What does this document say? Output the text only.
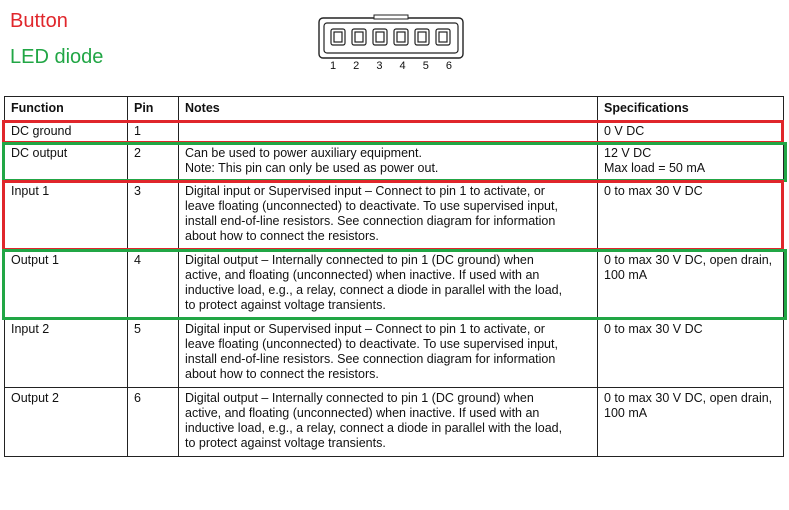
Button
LED diode	1 2 3 4 5 6
Function	Pin	Notes	Specifications
DC ground	1		0 V DC
DC output	2	Can be used to power auxiliary equipment.
Note: This pin can only be used as power out.	12 V DC
Max load = 50 mA
Input 1	3	Digital input or Supervised input – Connect to pin 1 to activate, or
leave floating (unconnected) to deactivate. To use supervised input,
install end-of-line resistors. See connection diagram for information
about how to connect the resistors.	0 to max 30 V DC
Output 1	4	Digital output – Internally connected to pin 1 (DC ground) when
active, and floating (unconnected) when inactive. If used with an
inductive load, e.g., a relay, connect a diode in parallel with the load,
to protect against voltage transients.	0 to max 30 V DC, open drain,
100 mA
Input 2	5	Digital input or Supervised input – Connect to pin 1 to activate, or
leave floating (unconnected) to deactivate. To use supervised input,
install end-of-line resistors. See connection diagram for information
about how to connect the resistors.	0 to max 30 V DC
Output 2	6	Digital output – Internally connected to pin 1 (DC ground) when
active, and floating (unconnected) when inactive. If used with an
inductive load, e.g., a relay, connect a diode in parallel with the load,
to protect against voltage transients.	0 to max 30 V DC, open drain,
100 mA
